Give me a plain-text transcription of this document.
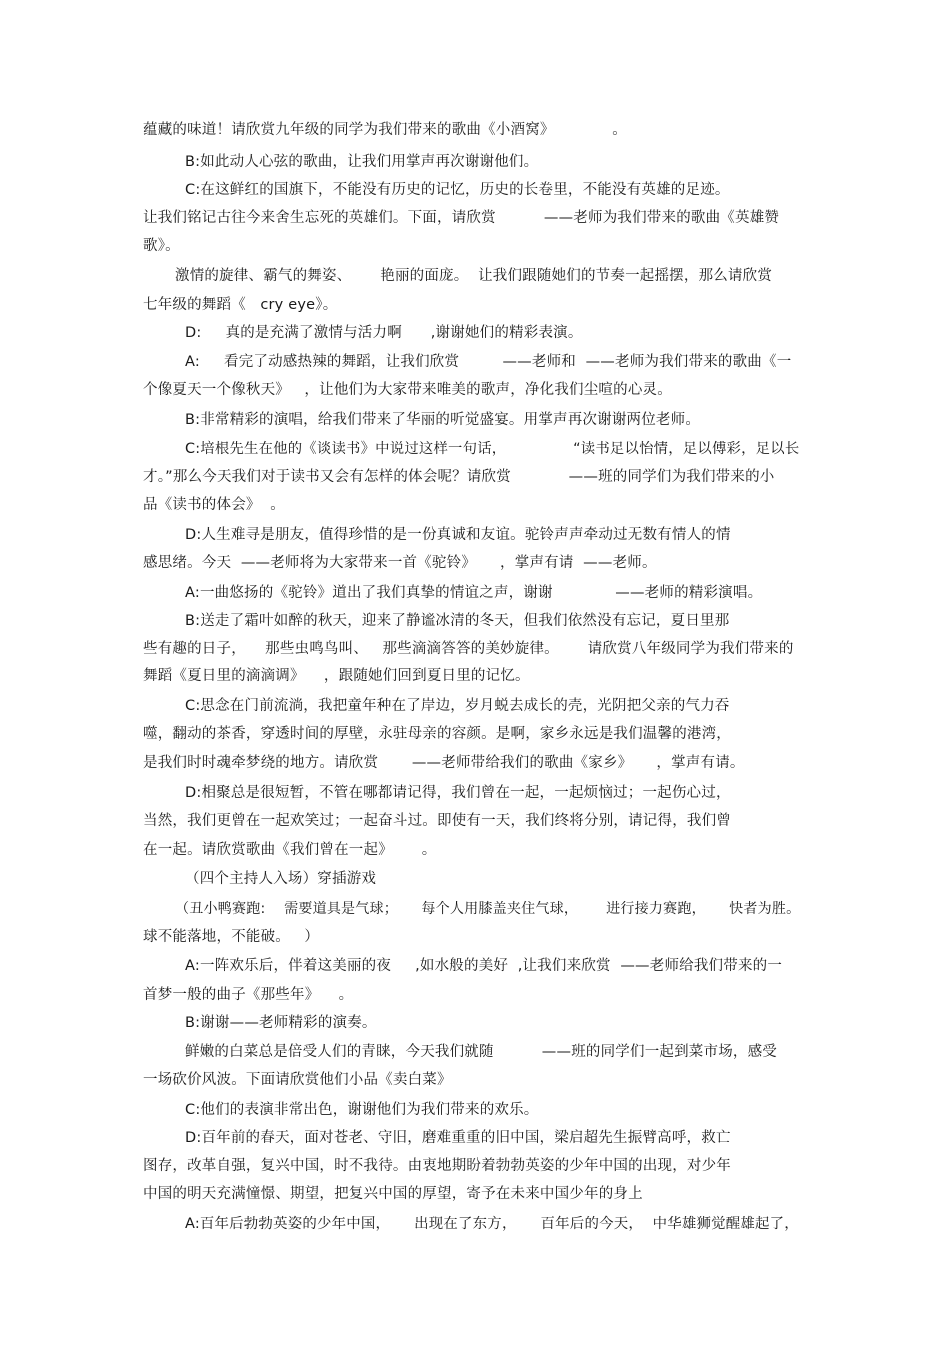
蕴藏的味道！请欣赏九年级的同学为我们带来的歌曲《小酒窝》            。
B:如此动人心弦的歌曲，让我们用掌声再次谢谢他们。
C:在这鲜红的国旗下，不能没有历史的记忆，历史的长卷里，不能没有英雄的足迹。
让我们铭记古往今来舍生忘死的英雄们。下面，请欣赏          ——老师为我们带来的歌曲《英雄赞
歌》。
激情的旋律、霸气的舞姿、      艳丽的面庞。  让我们跟随她们的节奏一起摇摆，那么请欣赏
七年级的舞蹈《   cry eye》。
D:     真的是充满了激情与活力啊      ,谢谢她们的精彩表演。
A:     看完了动感热辣的舞蹈，让我们欣赏         ——老师和  ——老师为我们带来的歌曲《一
个像夏天一个像秋天》   ，让他们为大家带来唯美的歌声，净化我们尘喧的心灵。
B:非常精彩的演唱，给我们带来了华丽的听觉盛宴。用掌声再次谢谢两位老师。
C:培根先生在他的《谈读书》中说过这样一句话，              “读书足以怡情，足以傅彩，足以长
才。”那么今天我们对于读书又会有怎样的体会呢？请欣赏            ——班的同学们为我们带来的小
品《读书的体会》  。
D:人生难寻是朋友，值得珍惜的是一份真诚和友谊。驼铃声声牵动过无数有情人的情
感思绪。今天  ——老师将为大家带来一首《驼铃》     ，掌声有请  ——老师。
A:一曲悠扬的《驼铃》道出了我们真挚的情谊之声，谢谢             ——老师的精彩演唱。
B:送走了霜叶如醉的秋天，迎来了静谧冰清的冬天，但我们依然没有忘记，夏日里那
些有趣的日子，    那些虫鸣鸟叫、   那些滴滴答答的美妙旋律。      请欣赏八年级同学为我们带来的
舞蹈《夏日里的滴滴调》    ，跟随她们回到夏日里的记忆。
C:思念在门前流淌，我把童年种在了岸边，岁月蜕去成长的壳，光阴把父亲的气力吞
噬，翻动的茶香，穿透时间的厚壁，永驻母亲的容颜。是啊，家乡永远是我们温馨的港湾，
是我们时时魂牵梦绕的地方。请欣赏       ——老师带给我们的歌曲《家乡》     ，掌声有请。
D:相聚总是很短暂，不管在哪都请记得，我们曾在一起，一起烦恼过；一起伤心过，
当然，我们更曾在一起欢笑过；一起奋斗过。即使有一天，我们终将分别，请记得，我们曾
在一起。请欣赏歌曲《我们曾在一起》      。
（四个主持人入场）穿插游戏
（丑小鸭赛跑:    需要道具是气球；     每个人用膝盖夹住气球，      进行接力赛跑，     快者为胜。
球不能落地，不能破。   ）
A:一阵欢乐后，伴着这美丽的夜     ,如水般的美好  ,让我们来欣赏  ——老师给我们带来的一
首梦一般的曲子《那些年》    。
B:谢谢——老师精彩的演奏。
鲜嫩的白菜总是倍受人们的青睐，今天我们就随          ——班的同学们一起到菜市场，感受
一场砍价风波。下面请欣赏他们小品《卖白菜》
C:他们的表演非常出色，谢谢他们为我们带来的欢乐。
D:百年前的春天，面对苍老、守旧，磨难重重的旧中国，梁启超先生振臂高呼，救亡
图存，改革自强，复兴中国，时不我待。由衷地期盼着勃勃英姿的少年中国的出现，对少年
中国的明天充满憧憬、期望，把复兴中国的厚望，寄予在未来中国少年的身上
A:百年后勃勃英姿的少年中国，     出现在了东方，     百年后的今天，  中华雄狮觉醒雄起了，
